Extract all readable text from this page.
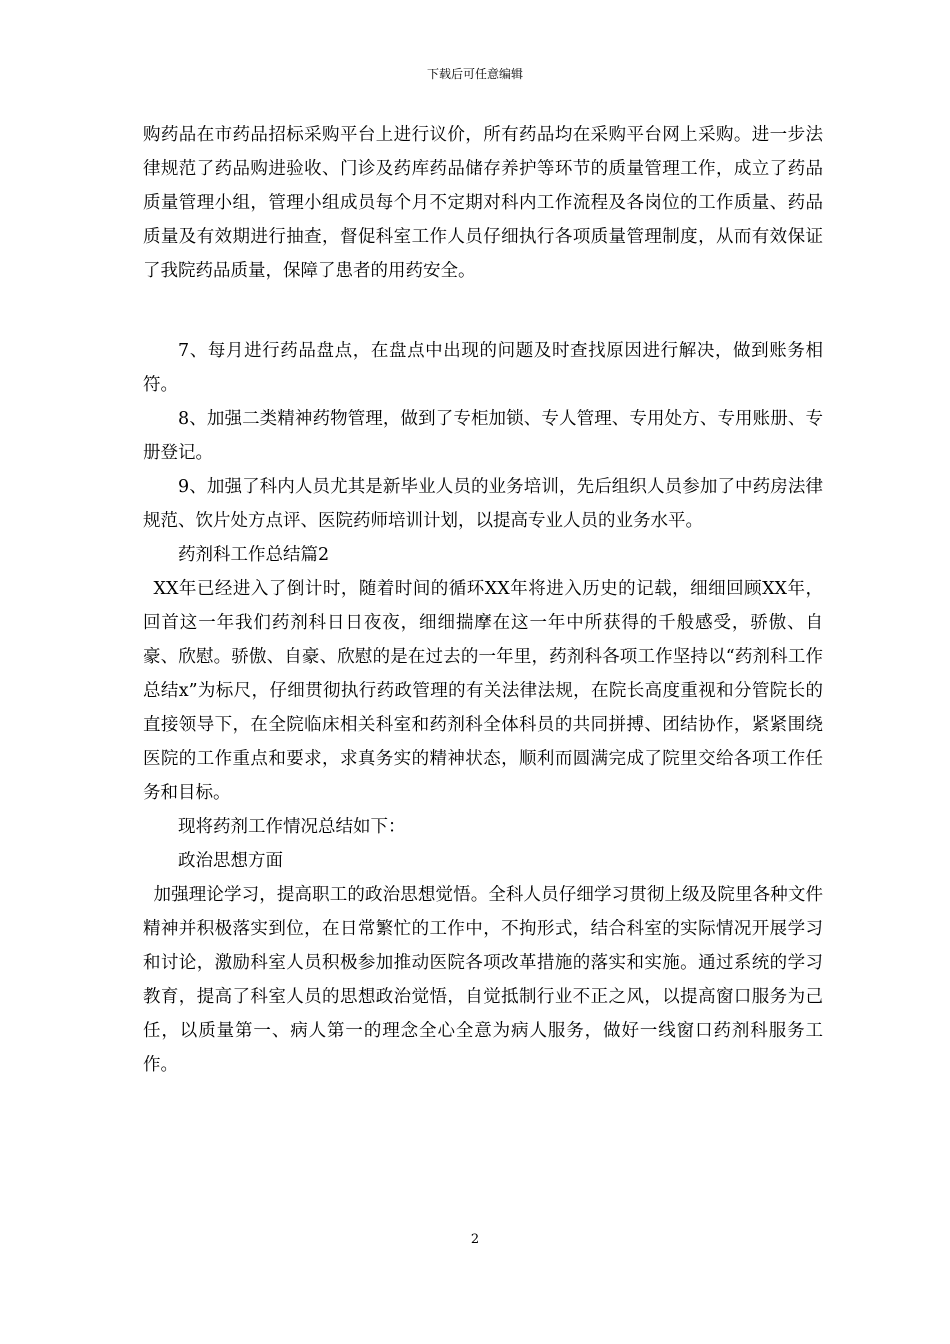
下载后可任意编辑

购药品在市药品招标采购平台上进行议价，所有药品均在采购平台网上采购。进一步法律规范了药品购进验收、门诊及药库药品储存养护等环节的质量管理工作，成立了药品质量管理小组，管理小组成员每个月不定期对科内工作流程及各岗位的工作质量、药品质量及有效期进行抽查，督促科室工作人员仔细执行各项质量管理制度，从而有效保证了我院药品质量，保障了患者的用药安全。

7、每月进行药品盘点，在盘点中出现的问题及时查找原因进行解决，做到账务相符。

8、加强二类精神药物管理，做到了专柜加锁、专人管理、专用处方、专用账册、专册登记。

9、加强了科内人员尤其是新毕业人员的业务培训，先后组织人员参加了中药房法律规范、饮片处方点评、医院药师培训计划，以提高专业人员的业务水平。

药剂科工作总结篇2

XX年已经进入了倒计时，随着时间的循环XX年将进入历史的记载，细细回顾XX年，回首这一年我们药剂科日日夜夜，细细揣摩在这一年中所获得的千般感受，骄傲、自豪、欣慰。骄傲、自豪、欣慰的是在过去的一年里，药剂科各项工作坚持以“药剂科工作总结x”为标尺，仔细贯彻执行药政管理的有关法律法规，在院长高度重视和分管院长的直接领导下，在全院临床相关科室和药剂科全体科员的共同拼搏、团结协作，紧紧围绕医院的工作重点和要求，求真务实的精神状态，顺利而圆满完成了院里交给各项工作任务和目标。

现将药剂工作情况总结如下：

政治思想方面

加强理论学习，提高职工的政治思想觉悟。全科人员仔细学习贯彻上级及院里各种文件精神并积极落实到位，在日常繁忙的工作中，不拘形式，结合科室的实际情况开展学习和讨论，激励科室人员积极参加推动医院各项改革措施的落实和实施。通过系统的学习教育，提高了科室人员的思想政治觉悟，自觉抵制行业不正之风，以提高窗口服务为己任，以质量第一、病人第一的理念全心全意为病人服务，做好一线窗口药剂科服务工作。

2
